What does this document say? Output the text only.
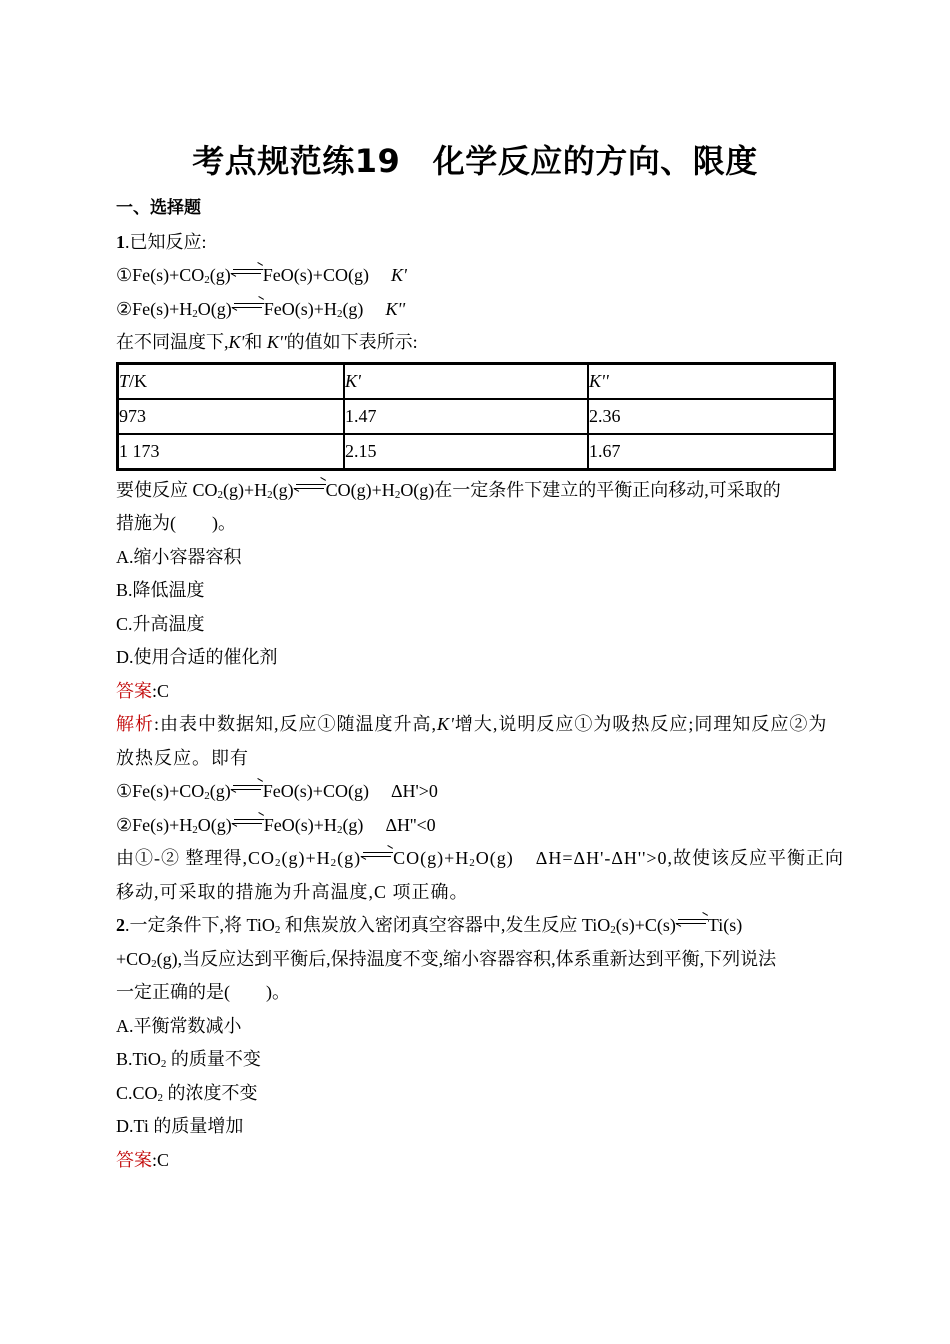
考点规范练19　化学反应的方向、限度
一、选择题
1.已知反应:
$①Fe(s)+CO_2(g)$ FeO(s)+CO(g) K'
$②Fe(s)+H_2O(g)$ $FeO(s)+H_2(g)$ K''
在不同温度下,K'和 K''的值如下表所示:
T/K	K'	K''
973	1.47	2.36
1 173	2.15	1.67
要使反应 $CO_2(g)+H_2(g)$ $CO(g)+H_2O(g)$在一定条件下建立的平衡正向移动,可采取的
措施为( )。
A.缩小容器容积
B.降低温度
C.升高温度
D.使用合适的催化剂
答案:C
解析:由表中数据知,反应①随温度升高,K'增大,说明反应①为吸热反应;同理知反应②为
放热反应。即有
$①Fe(s)+CO_2(g)$ FeO(s)+CO(g) ΔH'>0
$②Fe(s)+H_2O(g)$ $FeO(s)+H_2(g)$ ΔH''<0
由①-② 整理得$,CO_2(g)+H_2(g)$ $CO(g)+H_2O(g)$ ΔH=ΔH'-ΔH''>0,故使该反应平衡正向
移动,可采取的措施为升高温度,C 项正确。
2.一定条件下,将 TiO$_2$ 和焦炭放入密闭真空容器中,发生反应 TiO$_2$(s)+C(s) Ti(s)
$+CO_2(g)$,当反应达到平衡后,保持温度不变,缩小容器容积,体系重新达到平衡,下列说法
一定正确的是( )。
A.平衡常数减小
B.TiO$_2$ 的质量不变
$C.CO_2$ 的浓度不变
D.Ti 的质量增加
答案:C
